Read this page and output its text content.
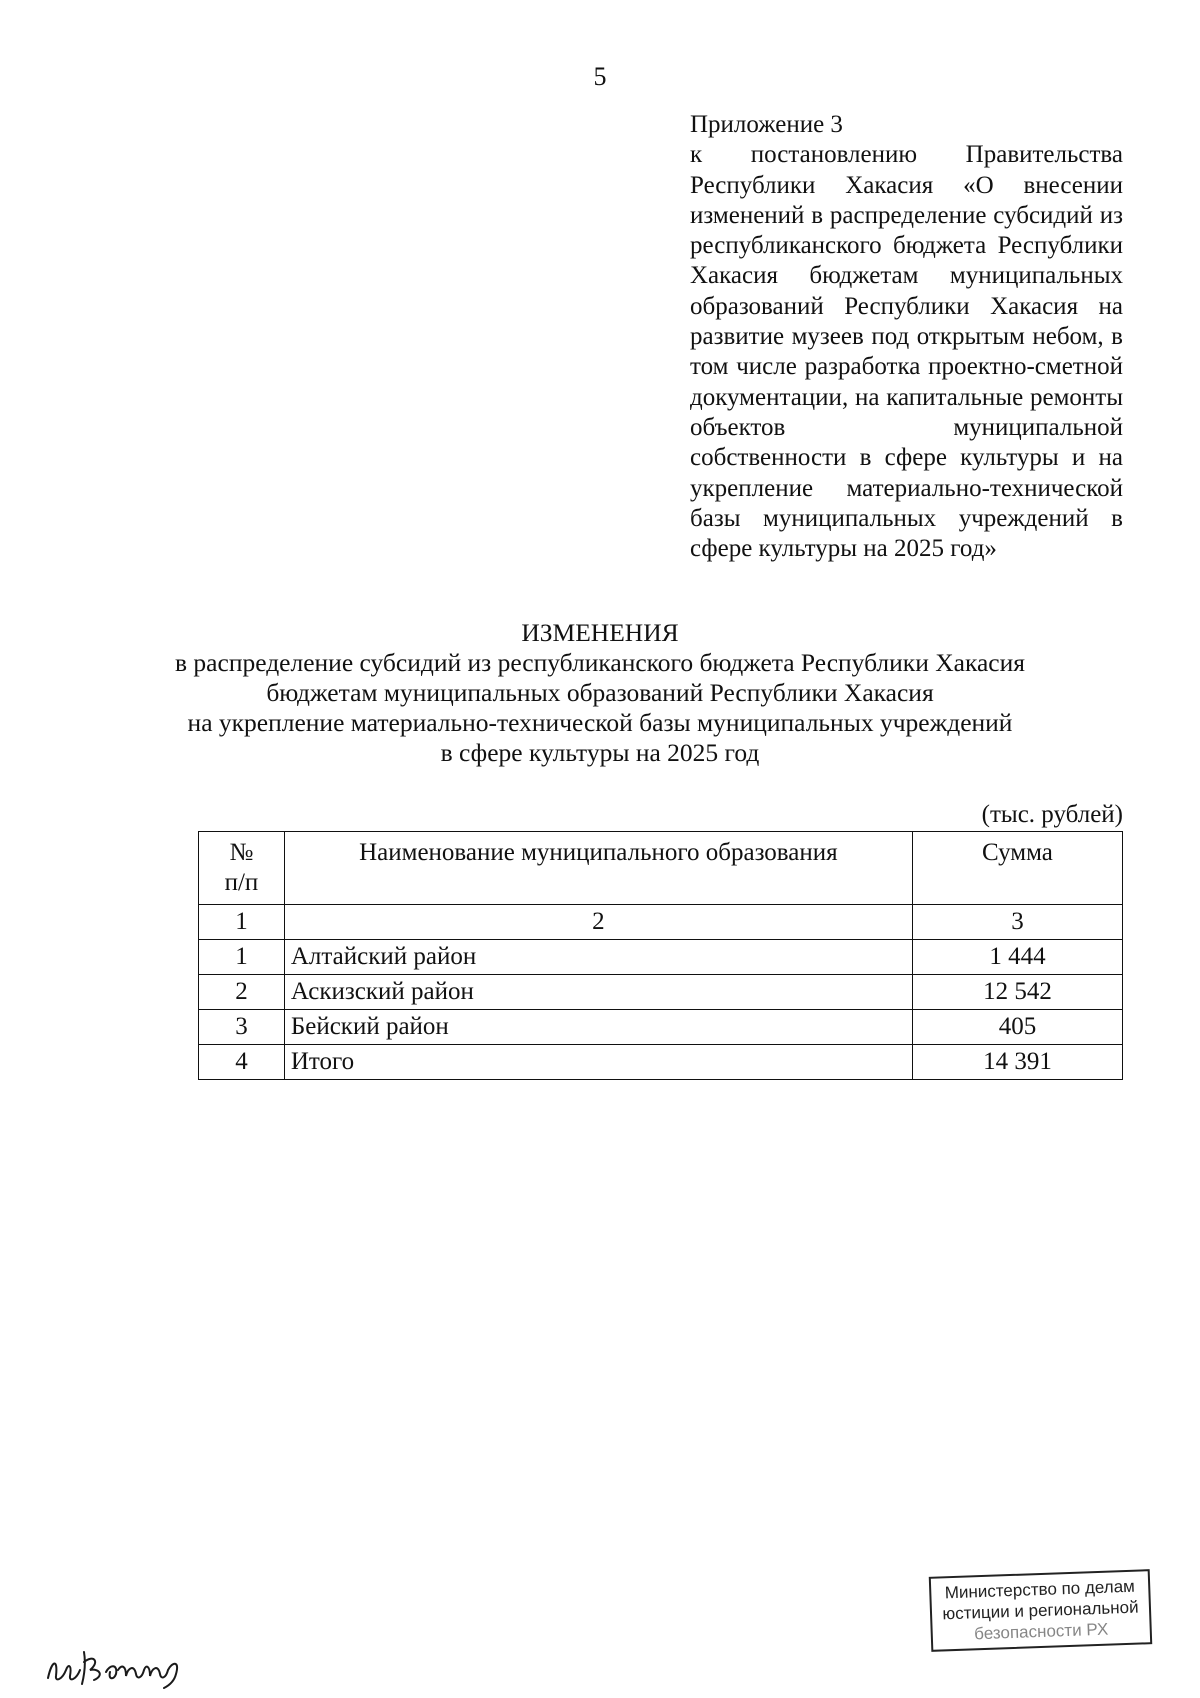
5
Приложение 3
к постановлению Правительства Республики Хакасия «О внесении изменений в распределение субсидий из республиканского бюджета Республики Хакасия бюджетам муниципальных образований Республики Хакасия на развитие музеев под открытым небом, в том числе разработка проектно-сметной документации, на капитальные ремонты объектов муниципальной собственности в сфере культуры и на укрепление материально-технической базы муниципальных учреждений в сфере культуры на 2025 год»
ИЗМЕНЕНИЯ
в распределение субсидий из республиканского бюджета Республики Хакасия
бюджетам муниципальных образований Республики Хакасия
на укрепление материально-технической базы муниципальных учреждений
в сфере культуры на 2025 год
(тыс. рублей)
№
п/п	Наименование муниципального образования	Сумма
1	2	3
1	Алтайский район	1 444
2	Аскизский район	12 542
3	Бейский район	405
4	Итого	14 391
Министерство по делам
юстиции и региональной
безопасности РХ
